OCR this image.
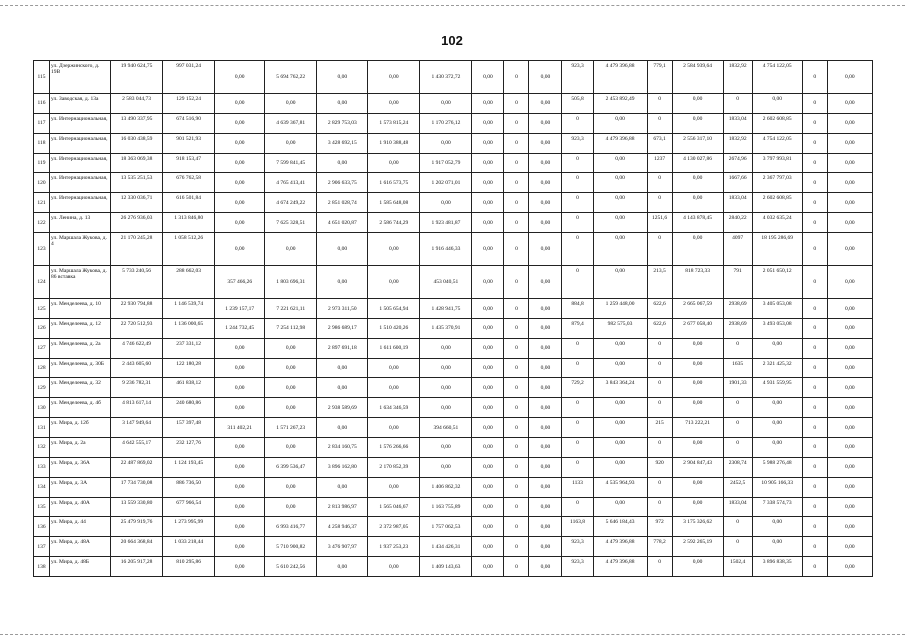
102
115	ул. Дзержинского, д. 19В	19 940 624,75	997 031,24	0,00	5 694 762,22	0,00	0,00	1 430 372,72	0,00	0	0,00	923,3	4 479 396,88	779,1	2 584 939,64	1832,92	4 754 122,05	0	0,00
116	ул. Заводская, д. 13а	2 583 044,73	129 152,24	0,00	0,00	0,00	0,00	0,00	0,00	0	0,00	505,8	2 453 892,49	0	0,00	0	0,00	0	0,00
117	ул. Интернациональная,	13 490 337,95	674 516,90	0,00	4 639 367,81	2 829 753,03	1 573 815,24	1 170 276,12	0,00	0	0,00	0	0,00	0	0,00	1833,04	2 602 608,85	0	0,00
118	ул. Интернациональная,	16 030 438,59	901 521,93	0,00	0,00	3 428 692,15	1 910 388,48	0,00	0,00	0	0,00	923,3	4 479 396,88	673,1	2 556 317,10	1832,92	4 754 122,05	0	0,00
119	ул. Интернациональная,	18 363 069,38	918 153,47	0,00	7 599 841,45	0,00	0,00	1 917 052,79	0,00	0	0,00	0	0,00	1237	4 130 027,86	2674,96	3 797 993,81	0	0,00
120	ул. Интернациональная,	13 535 251,53	676 762,58	0,00	4 765 413,41	2 906 633,75	1 616 573,75	1 202 071,01	0,00	0	0,00	0	0,00	0	0,00	1667,66	2 367 797,03	0	0,00
121	ул. Интернациональная,	12 330 036,71	616 501,84	0,00	4 674 249,22	2 851 028,74	1 585 648,08	0,00	0,00	0	0,00	0	0,00	0	0,00	1833,04	2 602 608,85	0	0,00
122	ул. Ленина, д. 13	26 276 936,03	1 313 846,80	0,00	7 625 328,51	4 651 020,87	2 586 744,29	1 923 481,87	0,00	0	0,00	0	0,00	1251,6	4 143 878,45	2840,22	4 032 635,24	0	0,00
123	ул. Маршала Жукова, д. 4	21 170 245,28	1 058 512,26	0,00	0,00	0,00	0,00	1 916 446,33	0,00	0	0,00	0	0,00	0	0,00	4097	18 195 286,69	0	0,00
124	ул. Маршала Жукова, д. 86 вставка	5 733 240,56	288 662,03	357 466,26	1 803 696,31	0,00	0,00	453 040,51	0,00	0	0,00	0	0,00	213,5	818 723,33	791	2 051 650,12	0	0,00
125	ул. Менделеева, д. 10	22 930 794,88	1 146 539,74	1 239 157,17	7 221 621,11	2 973 311,50	1 505 654,94	1 428 941,75	0,00	0	0,00	884,8	1 259 448,00	622,6	2 665 067,59	2938,69	3 405 053,08	0	0,00
126	ул. Менделеева, д. 12	22 720 512,93	1 136 000,65	1 244 732,45	7 254 112,98	2 986 689,17	1 510 420,26	1 435 370,91	0,00	0	0,00	879,4	982 575,03	622,6	2 677 058,40	2938,69	3 493 053,08	0	0,00
127	ул. Менделеева, д. 2а	4 746 622,49	237 331,12	0,00	0,00	2 897 691,18	1 611 600,19	0,00	0,00	0	0,00	0	0,00	0	0,00	0	0,00	0	0,00
128	ул. Менделеева, д. 30Б	2 443 605,60	122 180,28	0,00	0,00	0,00	0,00	0,00	0,00	0	0,00	0	0,00	0	0,00	1635	2 321 425,32	0	0,00
129	ул. Менделеева, д. 32	9 236 782,31	461 838,12	0,00	0,00	0,00	0,00	0,00	0,00	0	0,00	729,2	3 843 364,24	0	0,00	1901,33	4 931 559,95	0	0,00
130	ул. Менделеева, д. 4б	4 813 617,14	240 680,86	0,00	0,00	2 938 589,69	1 634 346,59	0,00	0,00	0	0,00	0	0,00	0	0,00	0	0,00	0	0,00
131	ул. Мира, д. 12б	3 147 949,64	157 397,48	311 402,21	1 571 267,23	0,00	0,00	394 660,51	0,00	0	0,00	0	0,00	215	713 222,21	0	0,00	0	0,00
132	ул. Мира, д. 2а	4 642 555,17	232 127,76	0,00	0,00	2 834 160,75	1 576 266,66	0,00	0,00	0	0,00	0	0,00	0	0,00	0	0,00	0	0,00
133	ул. Мира, д. 36А	22 487 869,02	1 124 193,45	0,00	6 399 536,47	3 896 162,80	2 170 852,39	0,00	0,00	0	0,00	0	0,00	920	2 904 847,43	2308,74	5 988 276,48	0	0,00
134	ул. Мира, д. 3А	17 734 730,08	886 736,50	0,00	0,00	0,00	0,00	1 406 862,32	0,00	0	0,00	1133	4 535 964,93	0	0,00	2452,5	10 905 166,33	0	0,00
135	ул. Мира, д. 40А	13 559 330,80	677 966,54	0,00	0,00	2 813 986,97	1 565 046,67	1 163 755,89	0,00	0	0,00	0	0,00	0	0,00	1833,04	7 338 574,73	0	0,00
136	ул. Мира, д. 44	25 479 919,76	1 273 995,99	0,00	6 993 416,77	4 258 946,37	2 372 987,05	1 757 062,53	0,00	0	0,00	1163,8	5 646 184,43	972	3 175 326,62	0	0,00	0	0,00
137	ул. Мира, д. 48А	20 664 368,84	1 033 218,44	0,00	5 710 900,82	3 476 907,97	1 937 253,23	1 434 426,31	0,00	0	0,00	923,3	4 479 396,88	778,2	2 592 265,19	0	0,00	0	0,00
138	ул. Мира, д. 48Б	16 205 917,28	810 295,86	0,00	5 610 242,56	0,00	0,00	1 409 143,63	0,00	0	0,00	923,3	4 479 396,88	0	0,00	1502,4	3 896 838,35	0	0,00
